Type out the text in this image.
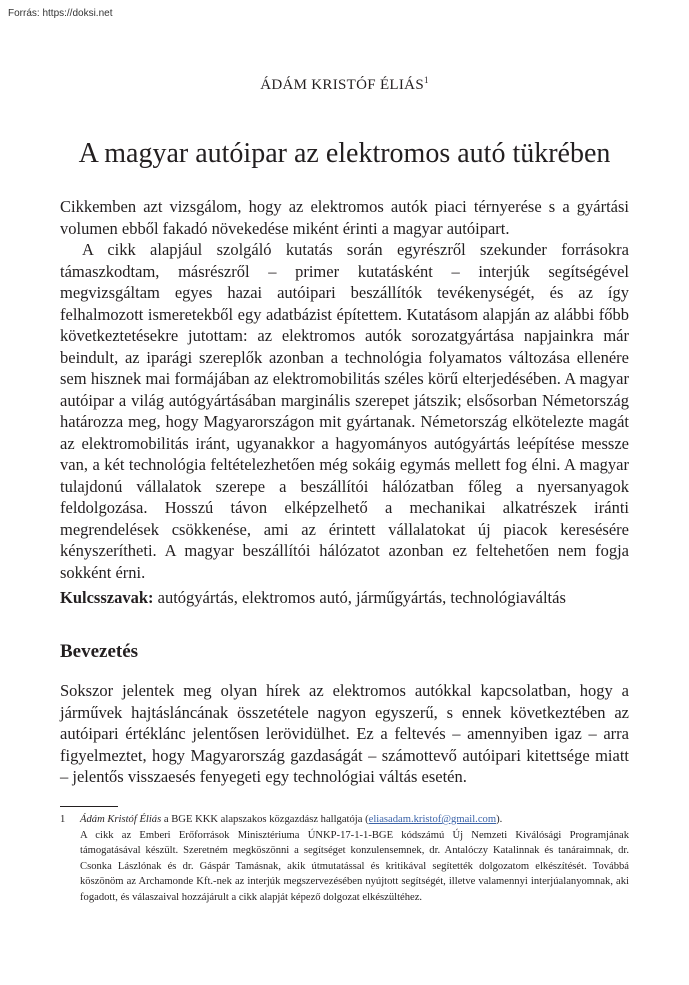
Forrás: https://doksi.net
ÁDÁM KRISTÓF ÉLIÁS$^1$
A magyar autóipar az elektromos autó tükrében

Cikkemben azt vizsgálom, hogy az elektromos autók piaci térnyerése s a gyártási volumen ebből fakadó növekedése miként érinti a magyar autóipart.

A cikk alapjául szolgáló kutatás során egyrészről szekunder forrásokra támaszkodtam, másrészről – primer kutatásként – interjúk segítségével megvizsgáltam egyes hazai autóipari beszállítók tevékenységét, és az így felhalmozott ismeretekből egy adatbázist építettem. Kutatásom alapján az alábbi főbb következtetésekre jutottam: az elektromos autók sorozatgyártása napjainkra már beindult, az iparági szereplők azonban a technológia folyamatos változása ellenére sem hisznek mai formájában az elektromobilitás széles körű elterjedésében. A magyar autóipar a világ autógyártásában marginális szerepet játszik; elsősorban Németország határozza meg, hogy Magyarországon mit gyártanak. Németország elkötelezte magát az elektromobilitás iránt, ugyanakkor a hagyományos autógyártás leépítése messze van, a két technológia feltételezhetően még sokáig egymás mellett fog élni. A magyar tulajdonú vállalatok szerepe a beszállítói hálózatban főleg a nyersanyagok feldolgozása. Hosszú távon elképzelhető a mechanikai alkatrészek iránti megrendelések csökkenése, ami az érintett vállalatokat új piacok keresésére kényszerítheti. A magyar beszállítói hálózatot azonban ez feltehetően nem fogja sokként érni.

Kulcsszavak: autógyártás, elektromos autó, járműgyártás, technológiaváltás
Bevezetés

Sokszor jelentek meg olyan hírek az elektromos autókkal kapcsolatban, hogy a járművek hajtásláncának összetétele nagyon egyszerű, s ennek következtében az autóipari értéklánc jelentősen lerövidülhet. Ez a feltevés – amennyiben igaz – arra figyelmeztet, hogy Magyarország gazdaságát – számottevő autóipari kitettsége miatt – jelentős visszaesés fenyegeti egy technológiai váltás esetén.

1 Ádám Kristóf Éliás a BGE KKK alapszakos közgazdász hallgatója (eliasadam.kristof@gmail.com).

A cikk az Emberi Erőforrások Minisztériuma ÚNKP-17-1-1-BGE kódszámú Új Nemzeti Kiválósági Programjának támogatásával készült. Szeretném megköszönni a segítséget konzulensemnek, dr. Antalóczy Katalinnak és tanáraimnak, dr. Csonka Lászlónak és dr. Gáspár Tamásnak, akik útmutatással és kritikával segítették dolgozatom elkészítését. Továbbá köszönöm az Archamonde Kft.-nek az interjúk megszervezésében nyújtott segítségét, illetve valamennyi interjúalanyomnak, aki fogadott, és válaszaival hozzájárult a cikk alapját képező dolgozat elkészültéhez.
